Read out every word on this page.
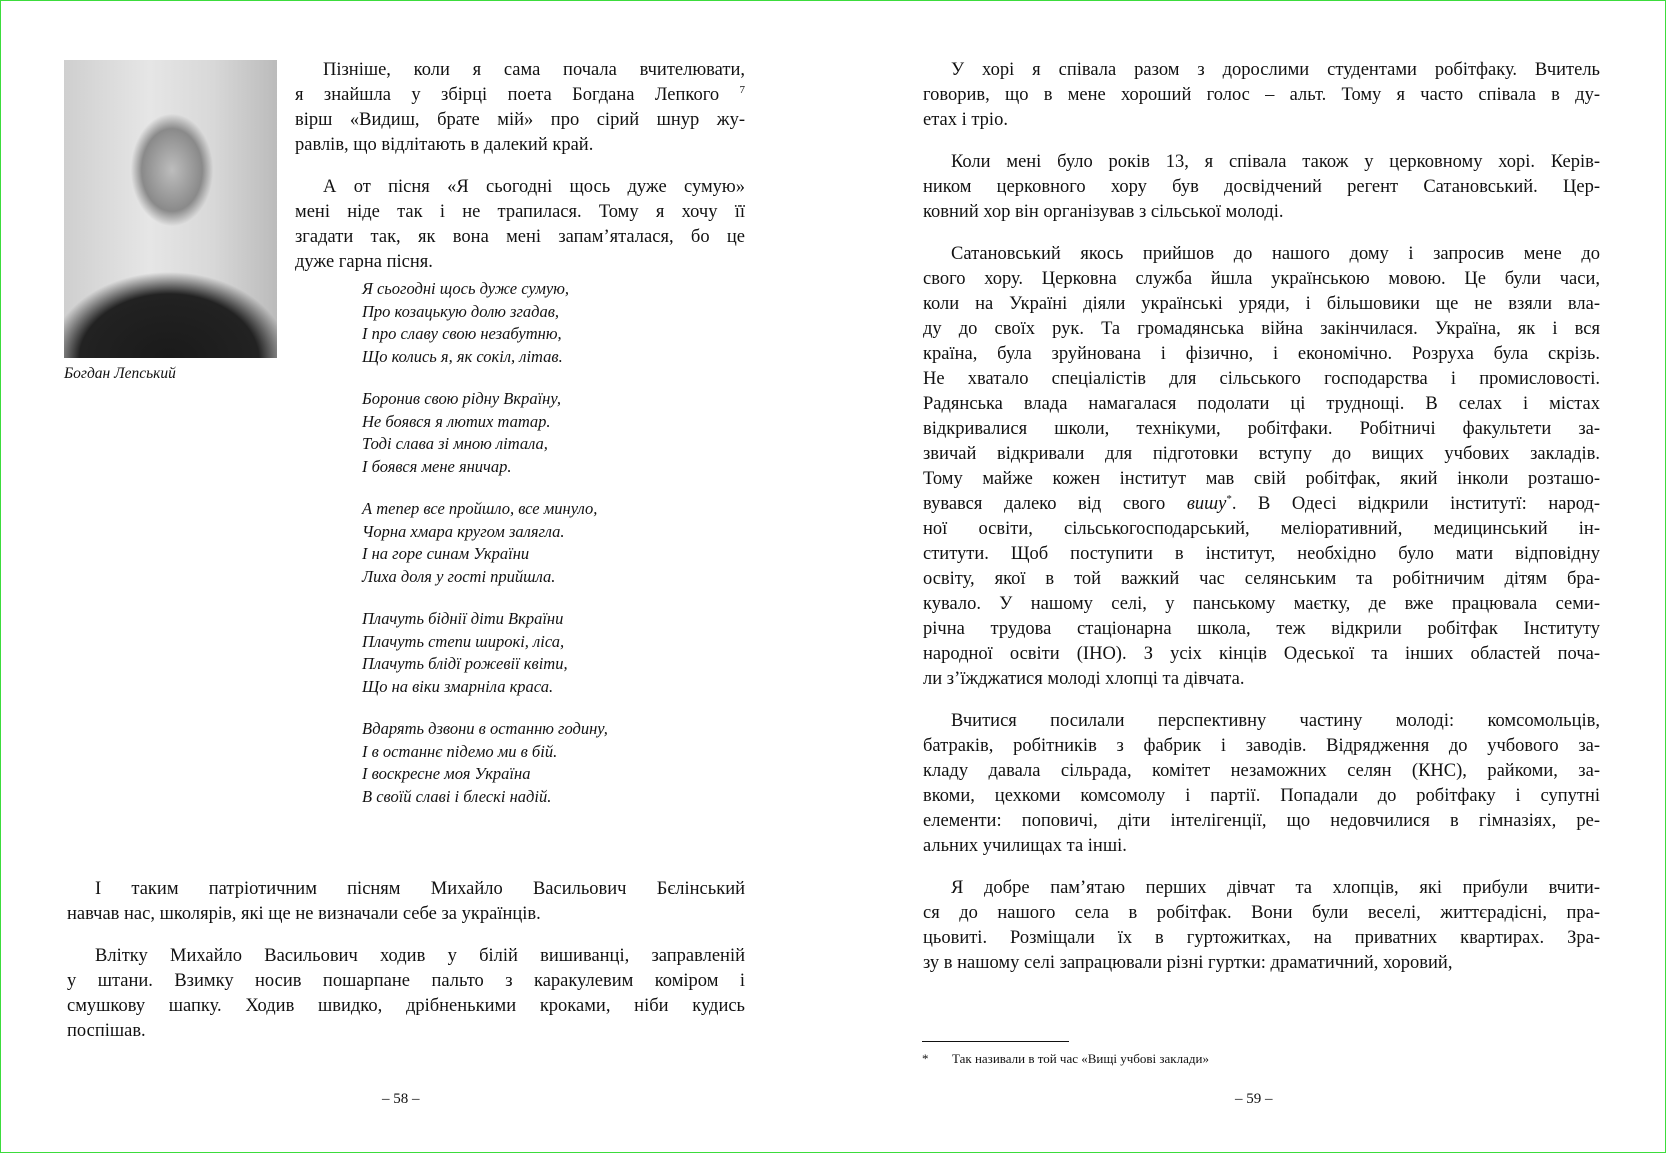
Богдан Лепський
Пізніше, коли я сама почала вчителювати,
я знайшла у збірці поета Богдана Лепкого $^7$
вірш «Видиш, брате мій» про сірий шнур жу-
равлів, що відлітають в далекий край.
А от пісня «Я сьогодні щось дуже сумую»
мені ніде так і не трапилася. Тому я хочу її
згадати так, як вона мені запам’яталася, бо це
дуже гарна пісня.
Я сьогодні щось дуже сумую,
Про козацькую долю згадав,
І про славу свою незабутню,
Що колись я, як сокіл, літав.
Боронив свою рідну Вкраїну,
Не боявся я лютих татар.
Тоді слава зі мною літала,
І боявся мене яничар.
А тепер все пройшло, все минуло,
Чорна хмара кругом залягла.
І на горе синам України
Лиха доля у гості прийшла.
Плачуть біднії діти Вкраїни
Плачуть степи широкі, ліса,
Плачуть блідї рожевії квіти,
Що на віки змарніла краса.
Вдарять дзвони в останню годину,
І в останнє підемо ми в бій.
І воскресне моя Україна
В своїй славі і блескі надій.
І таким патріотичним пісням Михайло Васильович Бєлінський
навчав нас, школярів, які ще не визначали себе за українців.
Влітку Михайло Васильович ходив у білій вишиванці, заправленій
у штани. Взимку носив пошарпане пальто з каракулевим коміром і
смушкову шапку. Ходив швидко, дрібненькими кроками, ніби кудись
поспішав.
– 58 –
У хорі я співала разом з дорослими студентами робітфаку. Вчитель
говорив, що в мене хороший голос – альт. Тому я часто співала в ду-
етах і тріо.
Коли мені було років 13, я співала також у церковному хорі. Керів-
ником церковного хору був досвідчений регент Сатановський. Цер-
ковний хор він організував з сільської молоді.
Сатановський якось прийшов до нашого дому і запросив мене до
свого хору. Церковна служба йшла українською мовою. Це були часи,
коли на Україні діяли українські уряди, і більшовики ще не взяли вла-
ду до своїх рук. Та громадянська війна закінчилася. Україна, як і вся
країна, була зруйнована і фізично, і економічно. Розруха була скрізь.
Не хватало спеціалістів для сільського господарства і промисловості.
Радянська влада намагалася подолати ці труднощі. В селах і містах
відкривалися школи, технікуми, робітфаки. Робітничі факультети за-
звичай відкривали для підготовки вступу до вищих учбових закладів.
Тому майже кожен інститут мав свій робітфак, який інколи розташо-
вувався далеко від свого вишу*. В Одесі відкрили інститутї: народ-
ної освіти, сільськогосподарський, меліоративний, медицинський ін-
ститути. Щоб поступити в інститут, необхідно було мати відповідну
освіту, якої в той важкий час селянським та робітничим дітям бра-
кувало. У нашому селі, у панському маєтку, де вже працювала семи-
річна трудова стаціонарна школа, теж відкрили робітфак Інституту
народної освіти (ІНО). З усіх кінців Одеської та інших областей поча-
ли з’їжджатися молоді хлопці та дівчата.
Вчитися посилали перспективну частину молоді: комсомольців,
батраків, робітників з фабрик і заводів. Відрядження до учбового за-
кладу давала сільрада, комітет незаможних селян (КНС), райкоми, за-
вкоми, цехкоми комсомолу і партії. Попадали до робітфаку і супутні
елементи: поповичі, діти інтелігенції, що недовчилися в гімназіях, ре-
альних училищах та інші.
Я добре пам’ятаю перших дівчат та хлопців, які прибули вчити-
ся до нашого села в робітфак. Вони були веселі, життєрадісні, пра-
цьовиті. Розміщали їх в гуртожитках, на приватних квартирах. Зра-
зу в нашому селі запрацювали різні гуртки: драматичний, хоровий,
* Так називали в той час «Вищі учбові заклади»
– 59 –
